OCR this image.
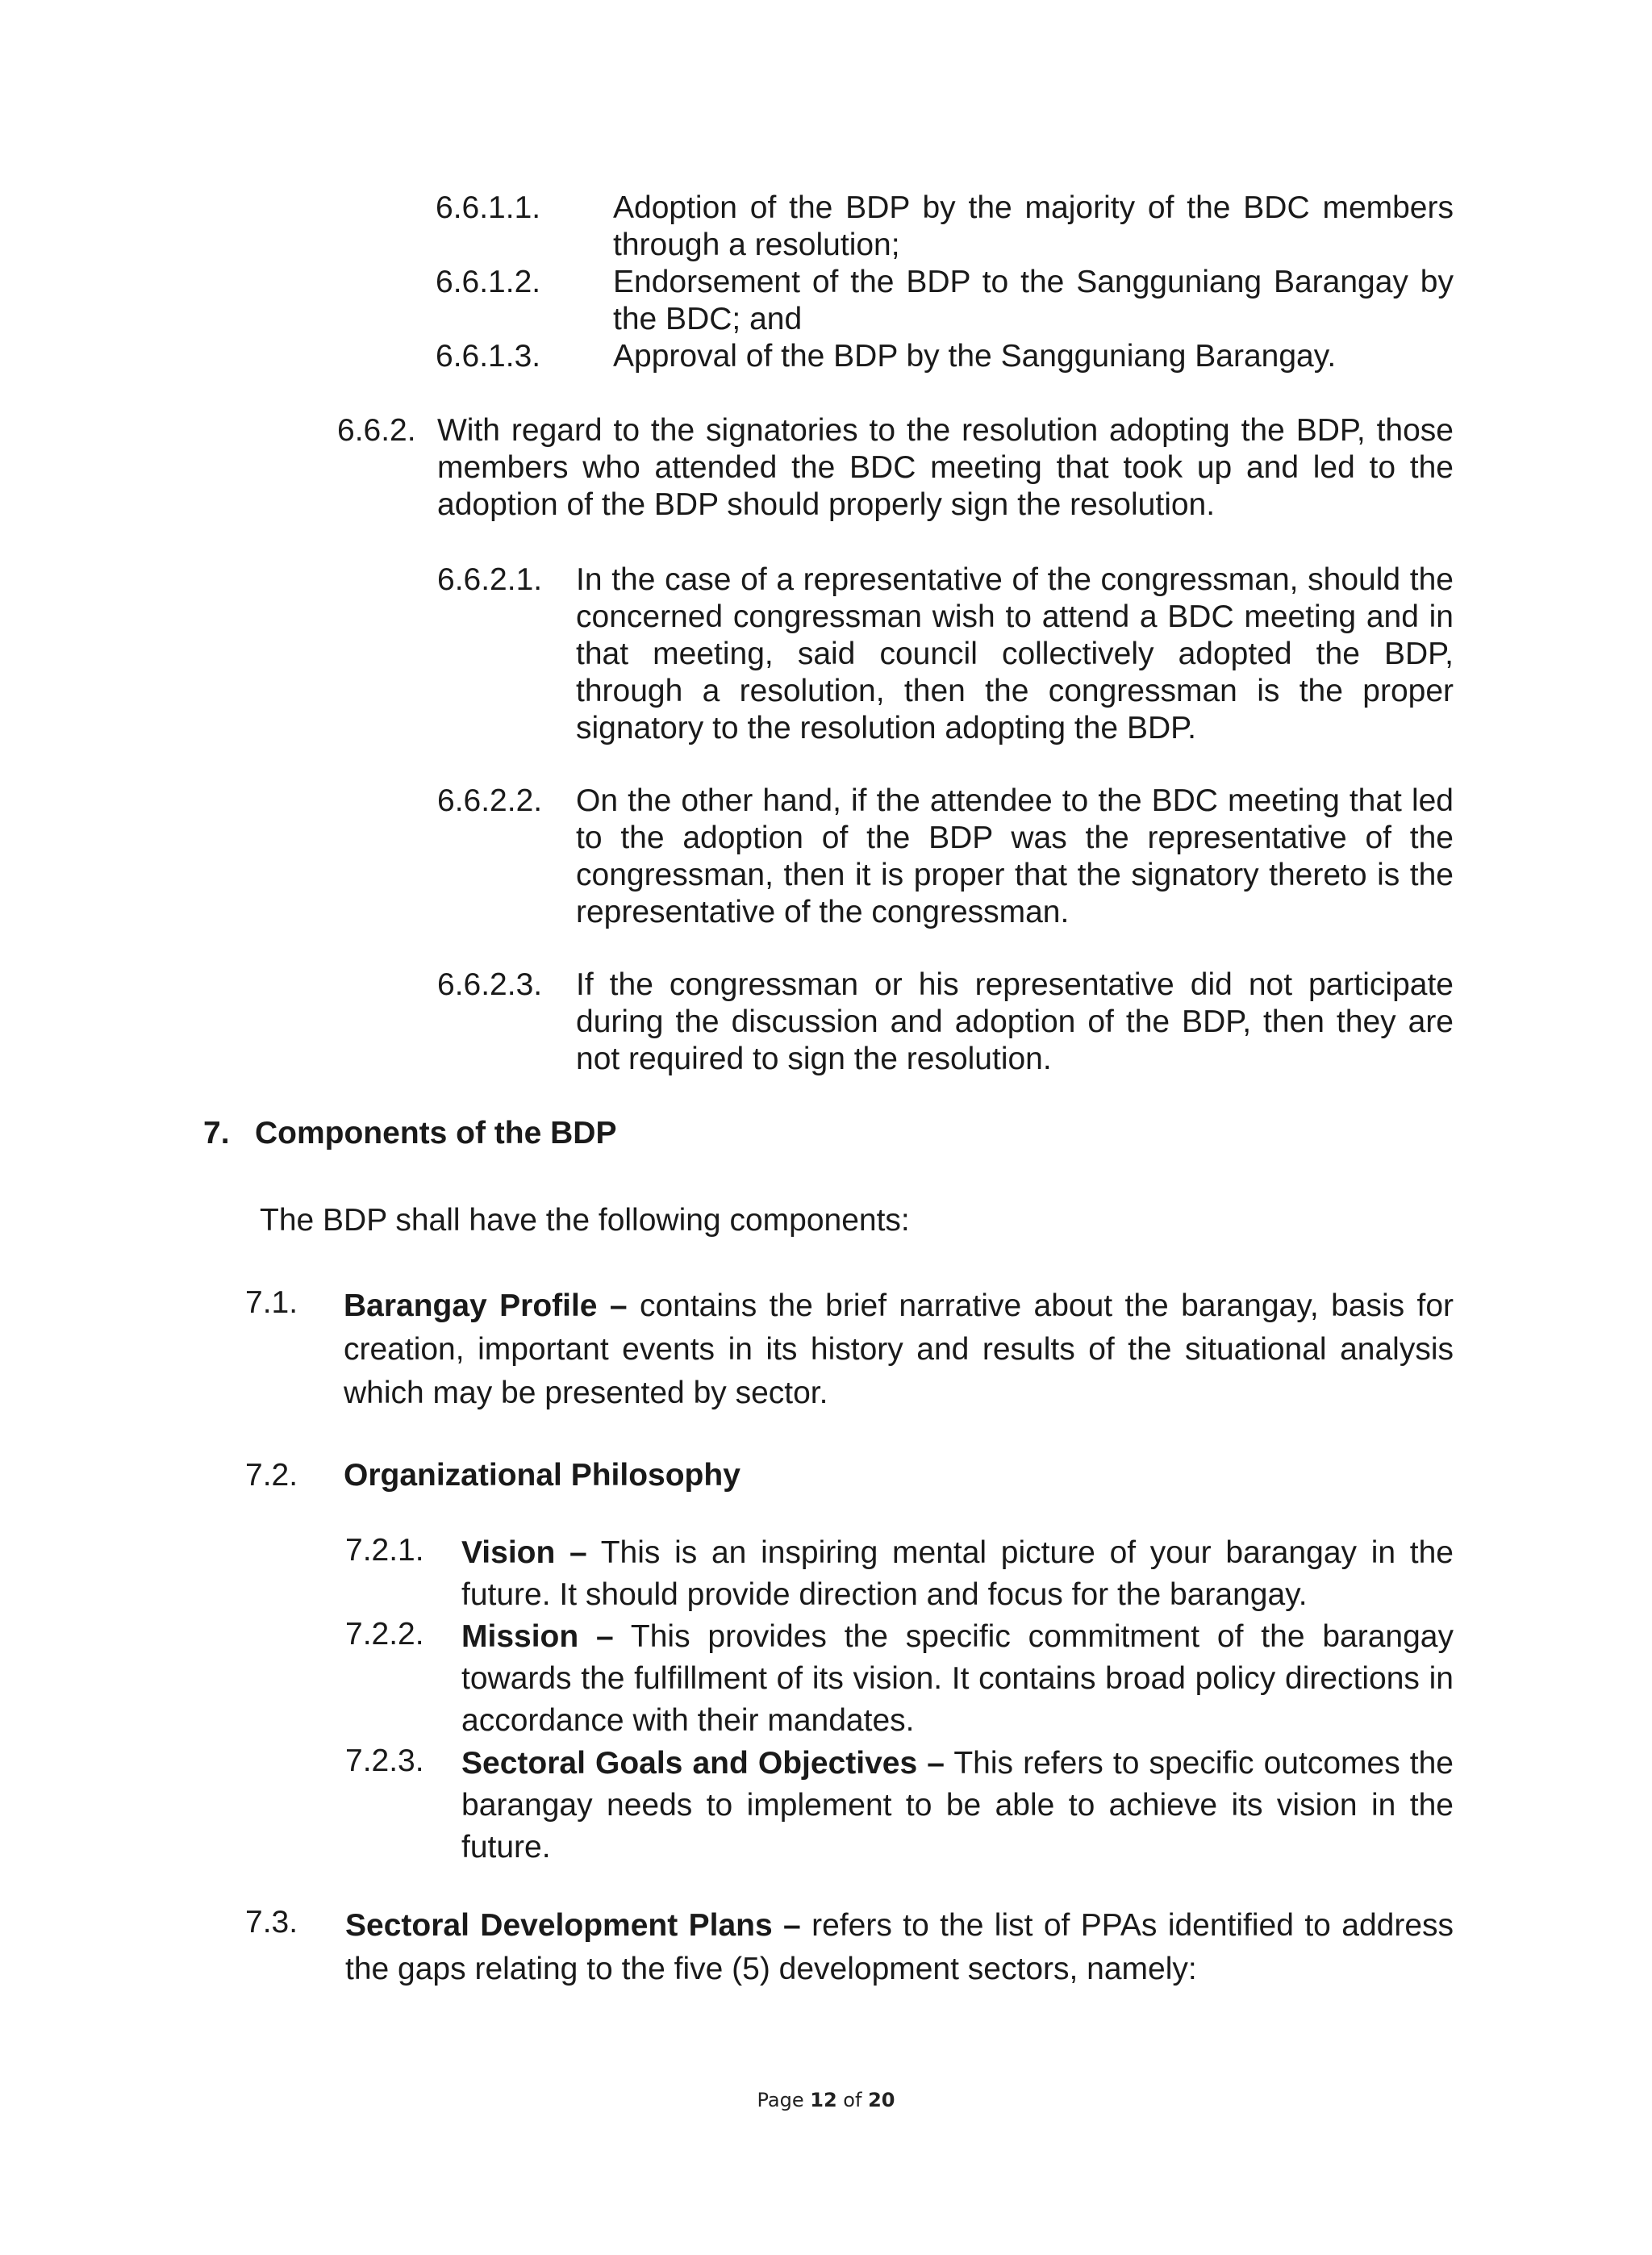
6.6.1.1. Adoption of the BDP by the majority of the BDC members through a resolution;
6.6.1.2. Endorsement of the BDP to the Sangguniang Barangay by the BDC; and
6.6.1.3. Approval of the BDP by the Sangguniang Barangay.
6.6.2. With regard to the signatories to the resolution adopting the BDP, those members who attended the BDC meeting that took up and led to the adoption of the BDP should properly sign the resolution.
6.6.2.1. In the case of a representative of the congressman, should the concerned congressman wish to attend a BDC meeting and in that meeting, said council collectively adopted the BDP, through a resolution, then the congressman is the proper signatory to the resolution adopting the BDP.
6.6.2.2. On the other hand, if the attendee to the BDC meeting that led to the adoption of the BDP was the representative of the congressman, then it is proper that the signatory thereto is the representative of the congressman.
6.6.2.3. If the congressman or his representative did not participate during the discussion and adoption of the BDP, then they are not required to sign the resolution.
7. Components of the BDP
The BDP shall have the following components:
7.1. Barangay Profile – contains the brief narrative about the barangay, basis for creation, important events in its history and results of the situational analysis which may be presented by sector.
7.2. Organizational Philosophy
7.2.1. Vision – This is an inspiring mental picture of your barangay in the future. It should provide direction and focus for the barangay.
7.2.2. Mission – This provides the specific commitment of the barangay towards the fulfillment of its vision. It contains broad policy directions in accordance with their mandates.
7.2.3. Sectoral Goals and Objectives – This refers to specific outcomes the barangay needs to implement to be able to achieve its vision in the future.
7.3. Sectoral Development Plans – refers to the list of PPAs identified to address the gaps relating to the five (5) development sectors, namely:
Page 12 of 20
